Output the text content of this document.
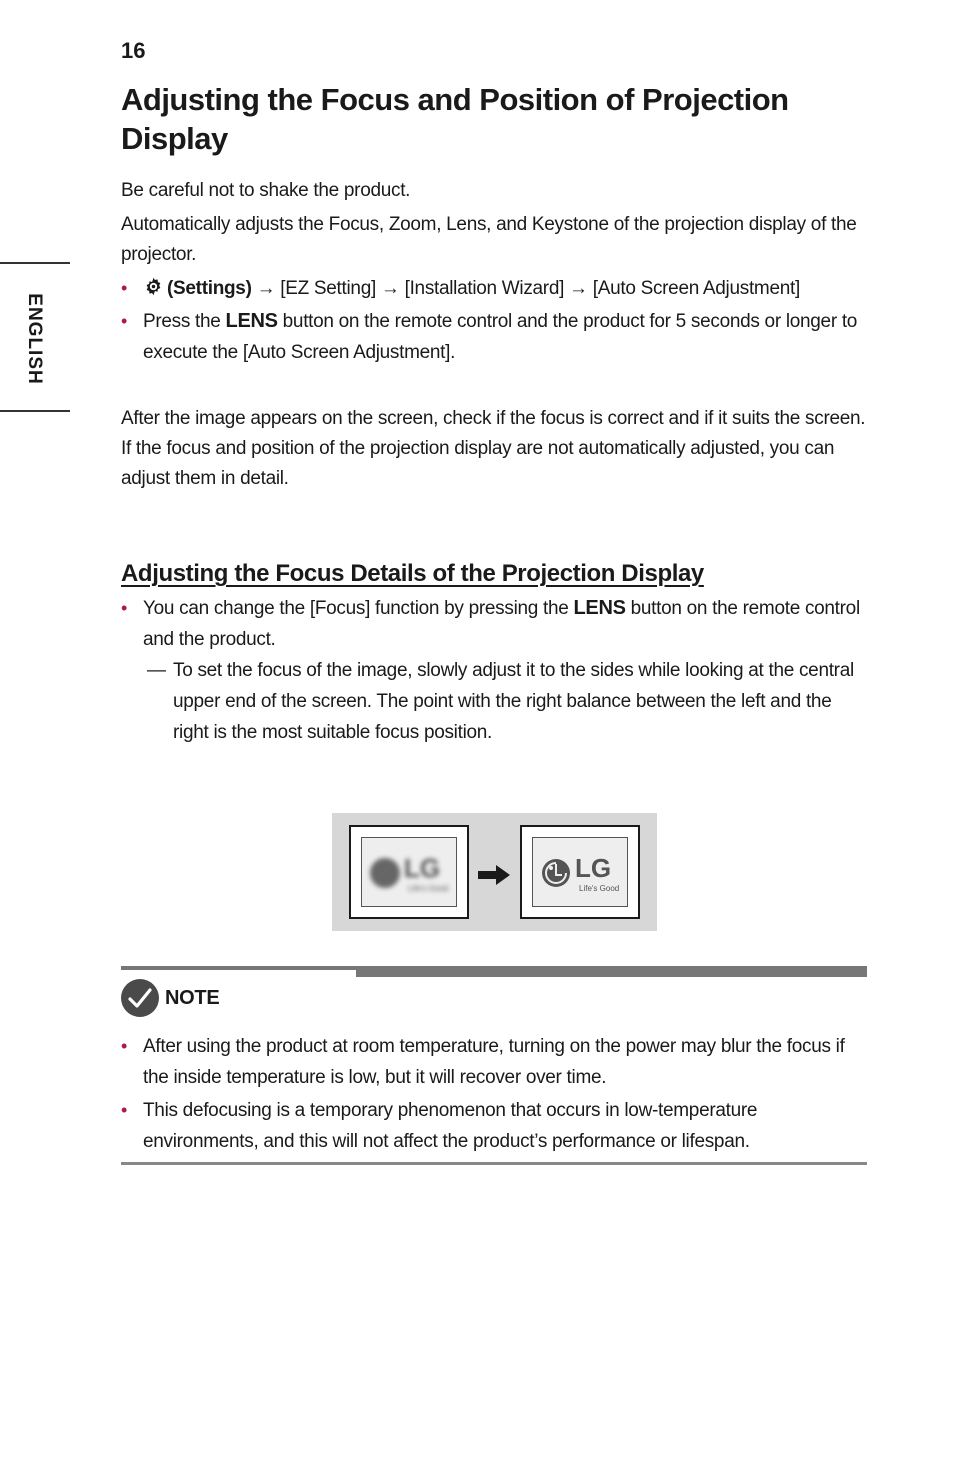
16
ENGLISH
Adjusting the Focus and Position of Projection Display

Be careful not to shake the product.

Automatically adjusts the Focus, Zoom, Lens, and Keystone of the projection display of the projector.

• (Settings) → [EZ Setting] → [Installation Wizard] → [Auto Screen Adjustment]
• Press the LENS button on the remote control and the product for 5 seconds or longer to execute the [Auto Screen Adjustment].

After the image appears on the screen, check if the focus is correct and if it suits the screen. If the focus and position of the projection display are not automatically adjusted, you can adjust them in detail.

Adjusting the Focus Details of the Projection Display
• You can change the [Focus] function by pressing the LENS button on the remote control and the product.
— To set the focus of the image, slowly adjust it to the sides while looking at the central upper end of the screen. The point with the right balance between the left and the right is the most suitable focus position.
LG
Life's Good
LG
Life's Good
NOTE
• After using the product at room temperature, turning on the power may blur the focus if the inside temperature is low, but it will recover over time.
• This defocusing is a temporary phenomenon that occurs in low-temperature environments, and this will not affect the product’s performance or lifespan.
